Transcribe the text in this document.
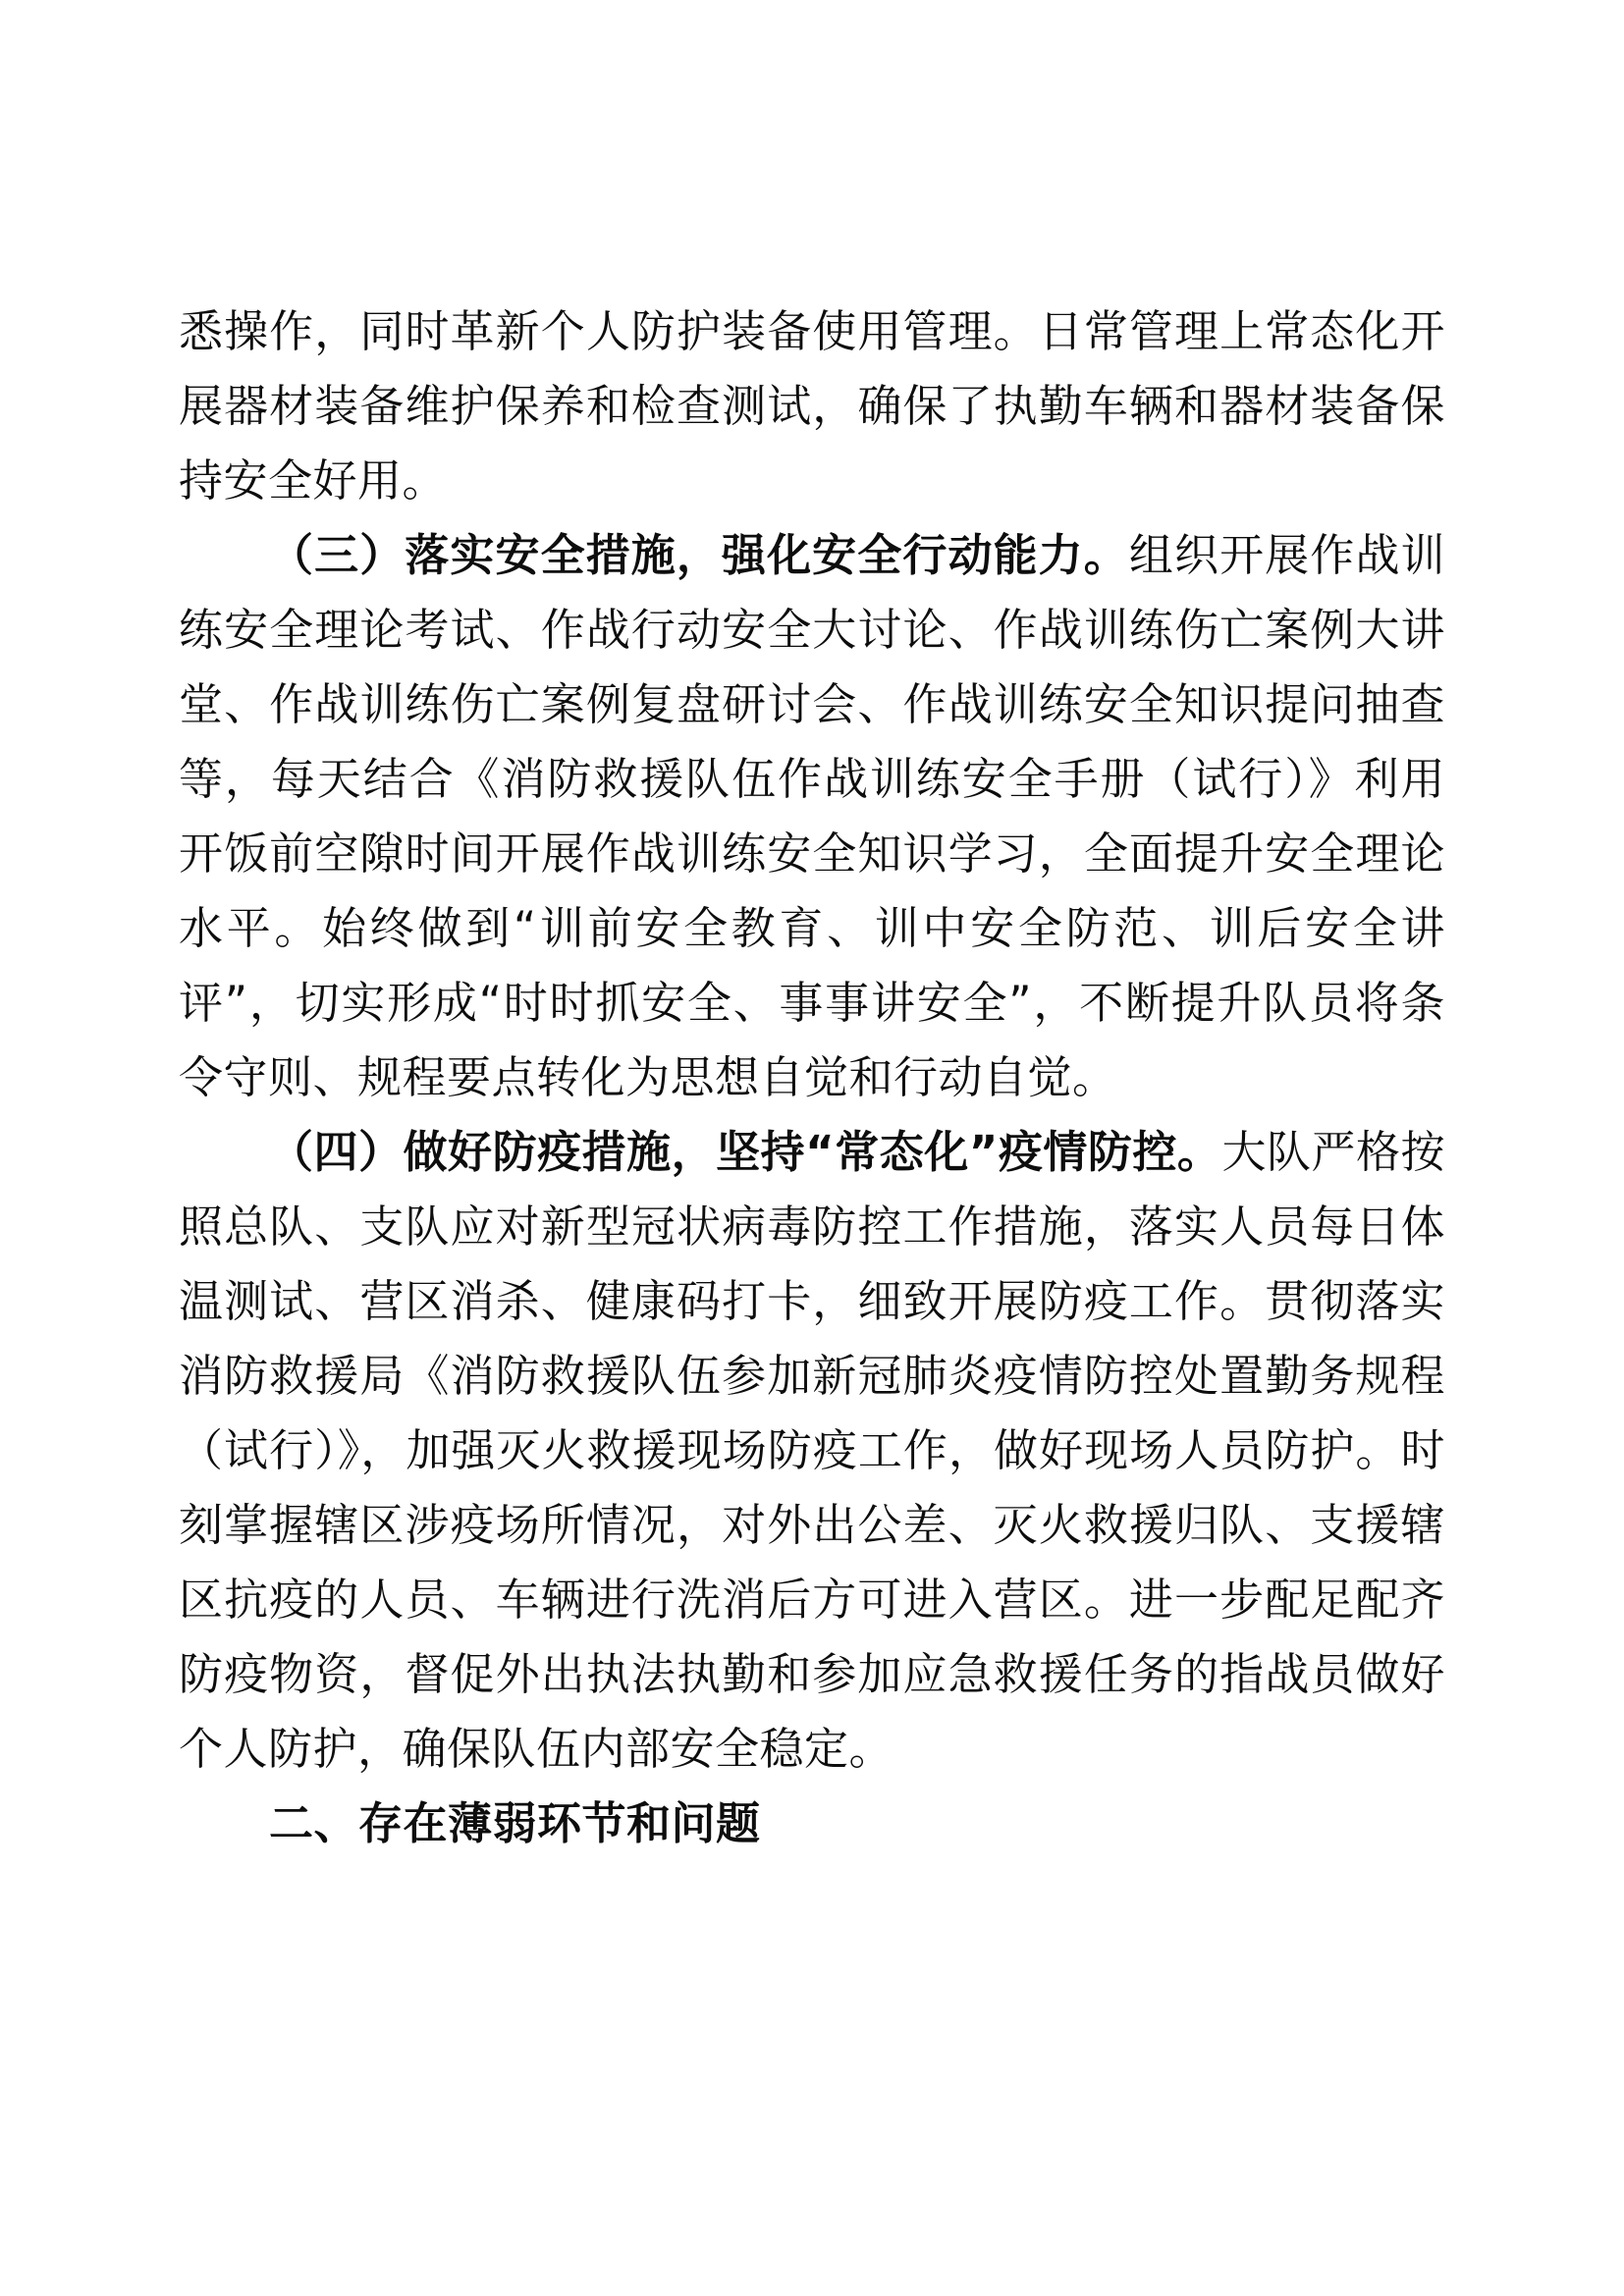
悉操作，同时革新个人防护装备使用管理。日常管理上常态化开展器材装备维护保养和检查测试，确保了执勤车辆和器材装备保持安全好用。

（三）落实安全措施，强化安全行动能力。组织开展作战训练安全理论考试、作战行动安全大讨论、作战训练伤亡案例大讲堂、作战训练伤亡案例复盘研讨会、作战训练安全知识提问抽查等，每天结合《消防救援队伍作战训练安全手册（试行）》利用开饭前空隙时间开展作战训练安全知识学习，全面提升安全理论水平。始终做到“训前安全教育、训中安全防范、训后安全讲评”，切实形成“时时抓安全、事事讲安全”，不断提升队员将条令守则、规程要点转化为思想自觉和行动自觉。

（四）做好防疫措施，坚持“常态化”疫情防控。大队严格按照总队、支队应对新型冠状病毒防控工作措施，落实人员每日体温测试、营区消杀、健康码打卡，细致开展防疫工作。贯彻落实消防救援局《消防救援队伍参加新冠肺炎疫情防控处置勤务规程（试行）》，加强灭火救援现场防疫工作，做好现场人员防护。时刻掌握辖区涉疫场所情况，对外出公差、灭火救援归队、支援辖区抗疫的人员、车辆进行洗消后方可进入营区。进一步配足配齐防疫物资，督促外出执法执勤和参加应急救援任务的指战员做好个人防护，确保队伍内部安全稳定。

二、存在薄弱环节和问题
